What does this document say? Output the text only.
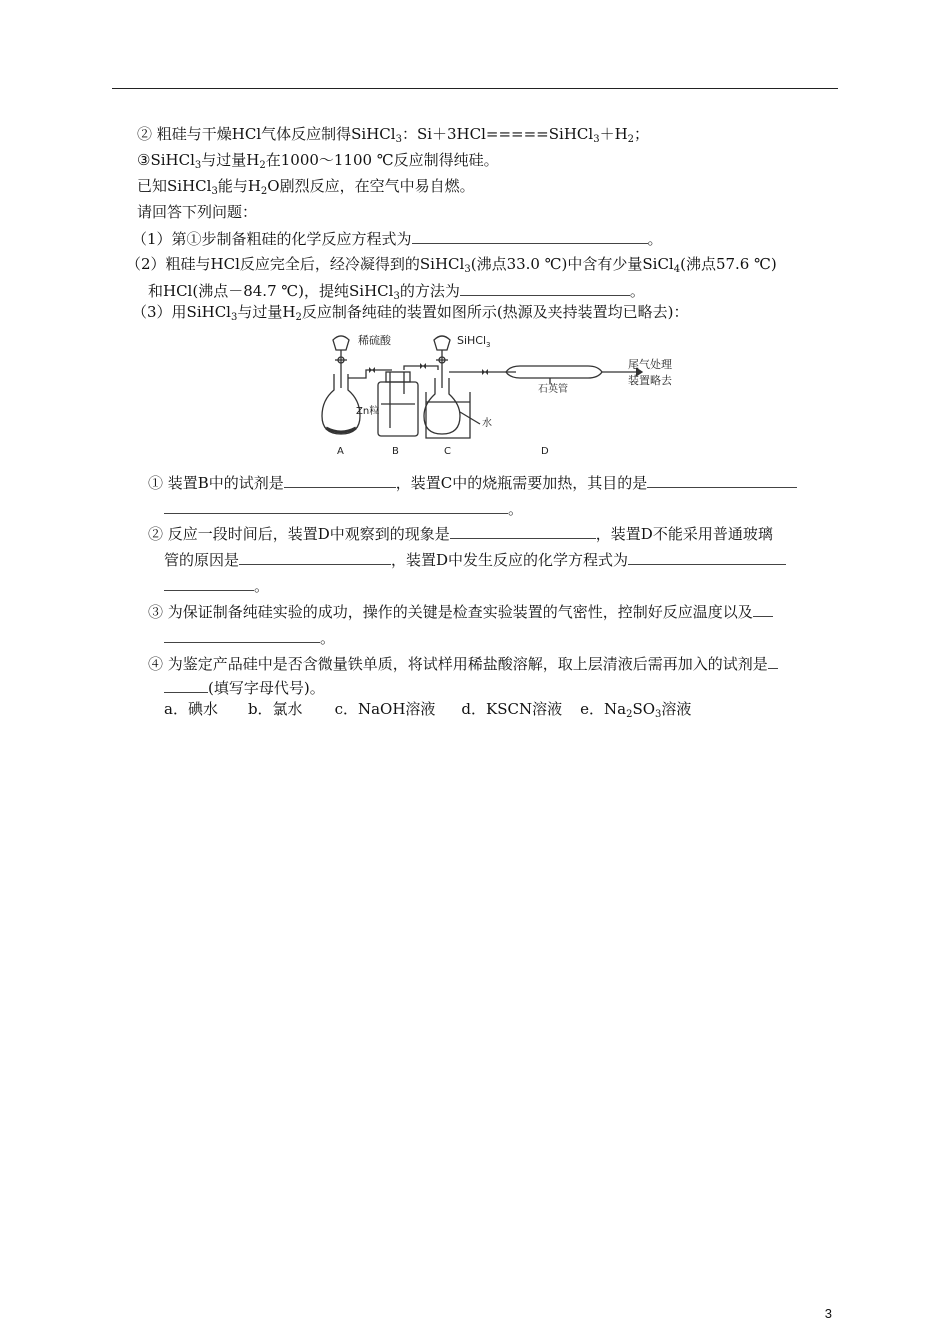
② 粗硅与干燥HCl气体反应制得SiHCl$_3$：$Si+3HCl=====SiHCl_3+H_2$；
③SiHCl$_3$与过量$H_2$在1000～1100 ℃反应制得纯硅。
已知SiHCl$_3$能与$H_2O$剧烈反应，在空气中易自燃。
请回答下列问题：
（1）第①步制备粗硅的化学反应方程式为	。
（2）粗硅与HCl反应完全后，经冷凝得到的SiHCl$_3$(沸点33.0 ℃)中含有少量SiCl$_4$(沸点57.6 ℃)
和HCl(沸点－84.7 ℃)，提纯SiHCl$_3$的方法为	。
（3）用SiHCl$_3$与过量$H_2$反应制备纯硅的装置如图所示(热源及夹持装置均已略去)：
稀硫酸	SiHCl$_3$
Zn粒
水
石英管
尾气处理
装置略去
A	B	C	D
① 装置B中的试剂是	，装置C中的烧瓶需要加热，其目的是
。
② 反应一段时间后，装置D中观察到的现象是	，装置D不能采用普通玻璃
管的原因是	，装置D中发生反应的化学方程式为
。
③ 为保证制备纯硅实验的成功，操作的关键是检查实验装置的气密性，控制好反应温度以及
。
④ 为鉴定产品硅中是否含微量铁单质，将试样用稀盐酸溶解，取上层清液后需再加入的试剂是
(填写字母代号)。
a．碘水 b．氯水 c．NaOH溶液 d．KSCN溶液 e．$Na_2SO_3$溶液
3
